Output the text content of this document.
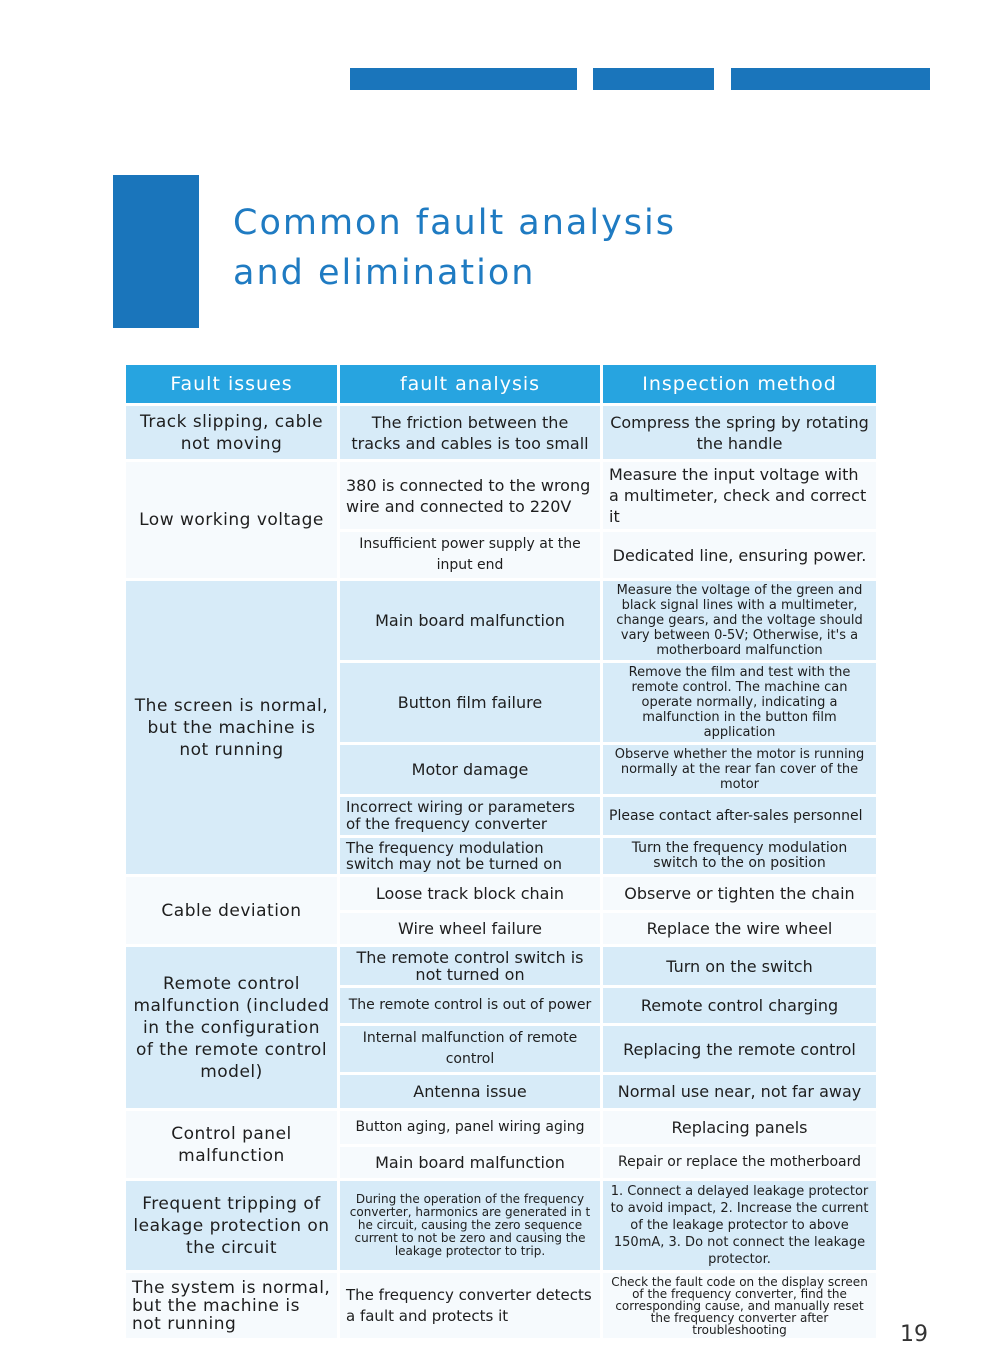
Common fault analysis
and elimination
Fault issues	fault analysis	Inspection method
Track slipping, cable not moving	The friction between the tracks and cables is too small	Compress the spring by rotating the handle
Low working voltage	380 is connected to the wrong wire and connected to 220V	Measure the input voltage with a multimeter, check and correct it
	Insufficient power supply at the input end	Dedicated line, ensuring power.
The screen is normal, but the machine is not running	Main board malfunction	Measure the voltage of the green and black signal lines with a multimeter, change gears, and the voltage should vary between 0-5V; Otherwise, it's a motherboard malfunction
	Button film failure	Remove the film and test with the remote control. The machine can operate normally, indicating a malfunction in the button film application
	Motor damage	Observe whether the motor is running normally at the rear fan cover of the motor
	Incorrect wiring or parameters of the frequency converter	Please contact after-sales personnel
	The frequency modulation switch may not be turned on	Turn the frequency modulation switch to the on position
Cable deviation	Loose track block chain	Observe or tighten the chain
	Wire wheel failure	Replace the wire wheel
Remote control malfunction (included in the configuration of the remote control model)	The remote control switch is not turned on	Turn on the switch
	The remote control is out of power	Remote control charging
	Internal malfunction of remote control	Replacing the remote control
	Antenna issue	Normal use near, not far away
Control panel malfunction	Button aging, panel wiring aging	Replacing panels
	Main board malfunction	Repair or replace the motherboard
Frequent tripping of leakage protection on the circuit	During the operation of the frequency converter, harmonics are generated in t he circuit, causing the zero sequence current to not be zero and causing the leakage protector to trip.	1. Connect a delayed leakage protector to avoid impact, 2. Increase the current of the leakage protector to above 150mA, 3. Do not connect the leakage protector.
The system is normal, but the machine is not running	The frequency converter detects a fault and protects it	Check the fault code on the display screen of the frequency converter, find the corresponding cause, and manually reset the frequency converter after troubleshooting	19
